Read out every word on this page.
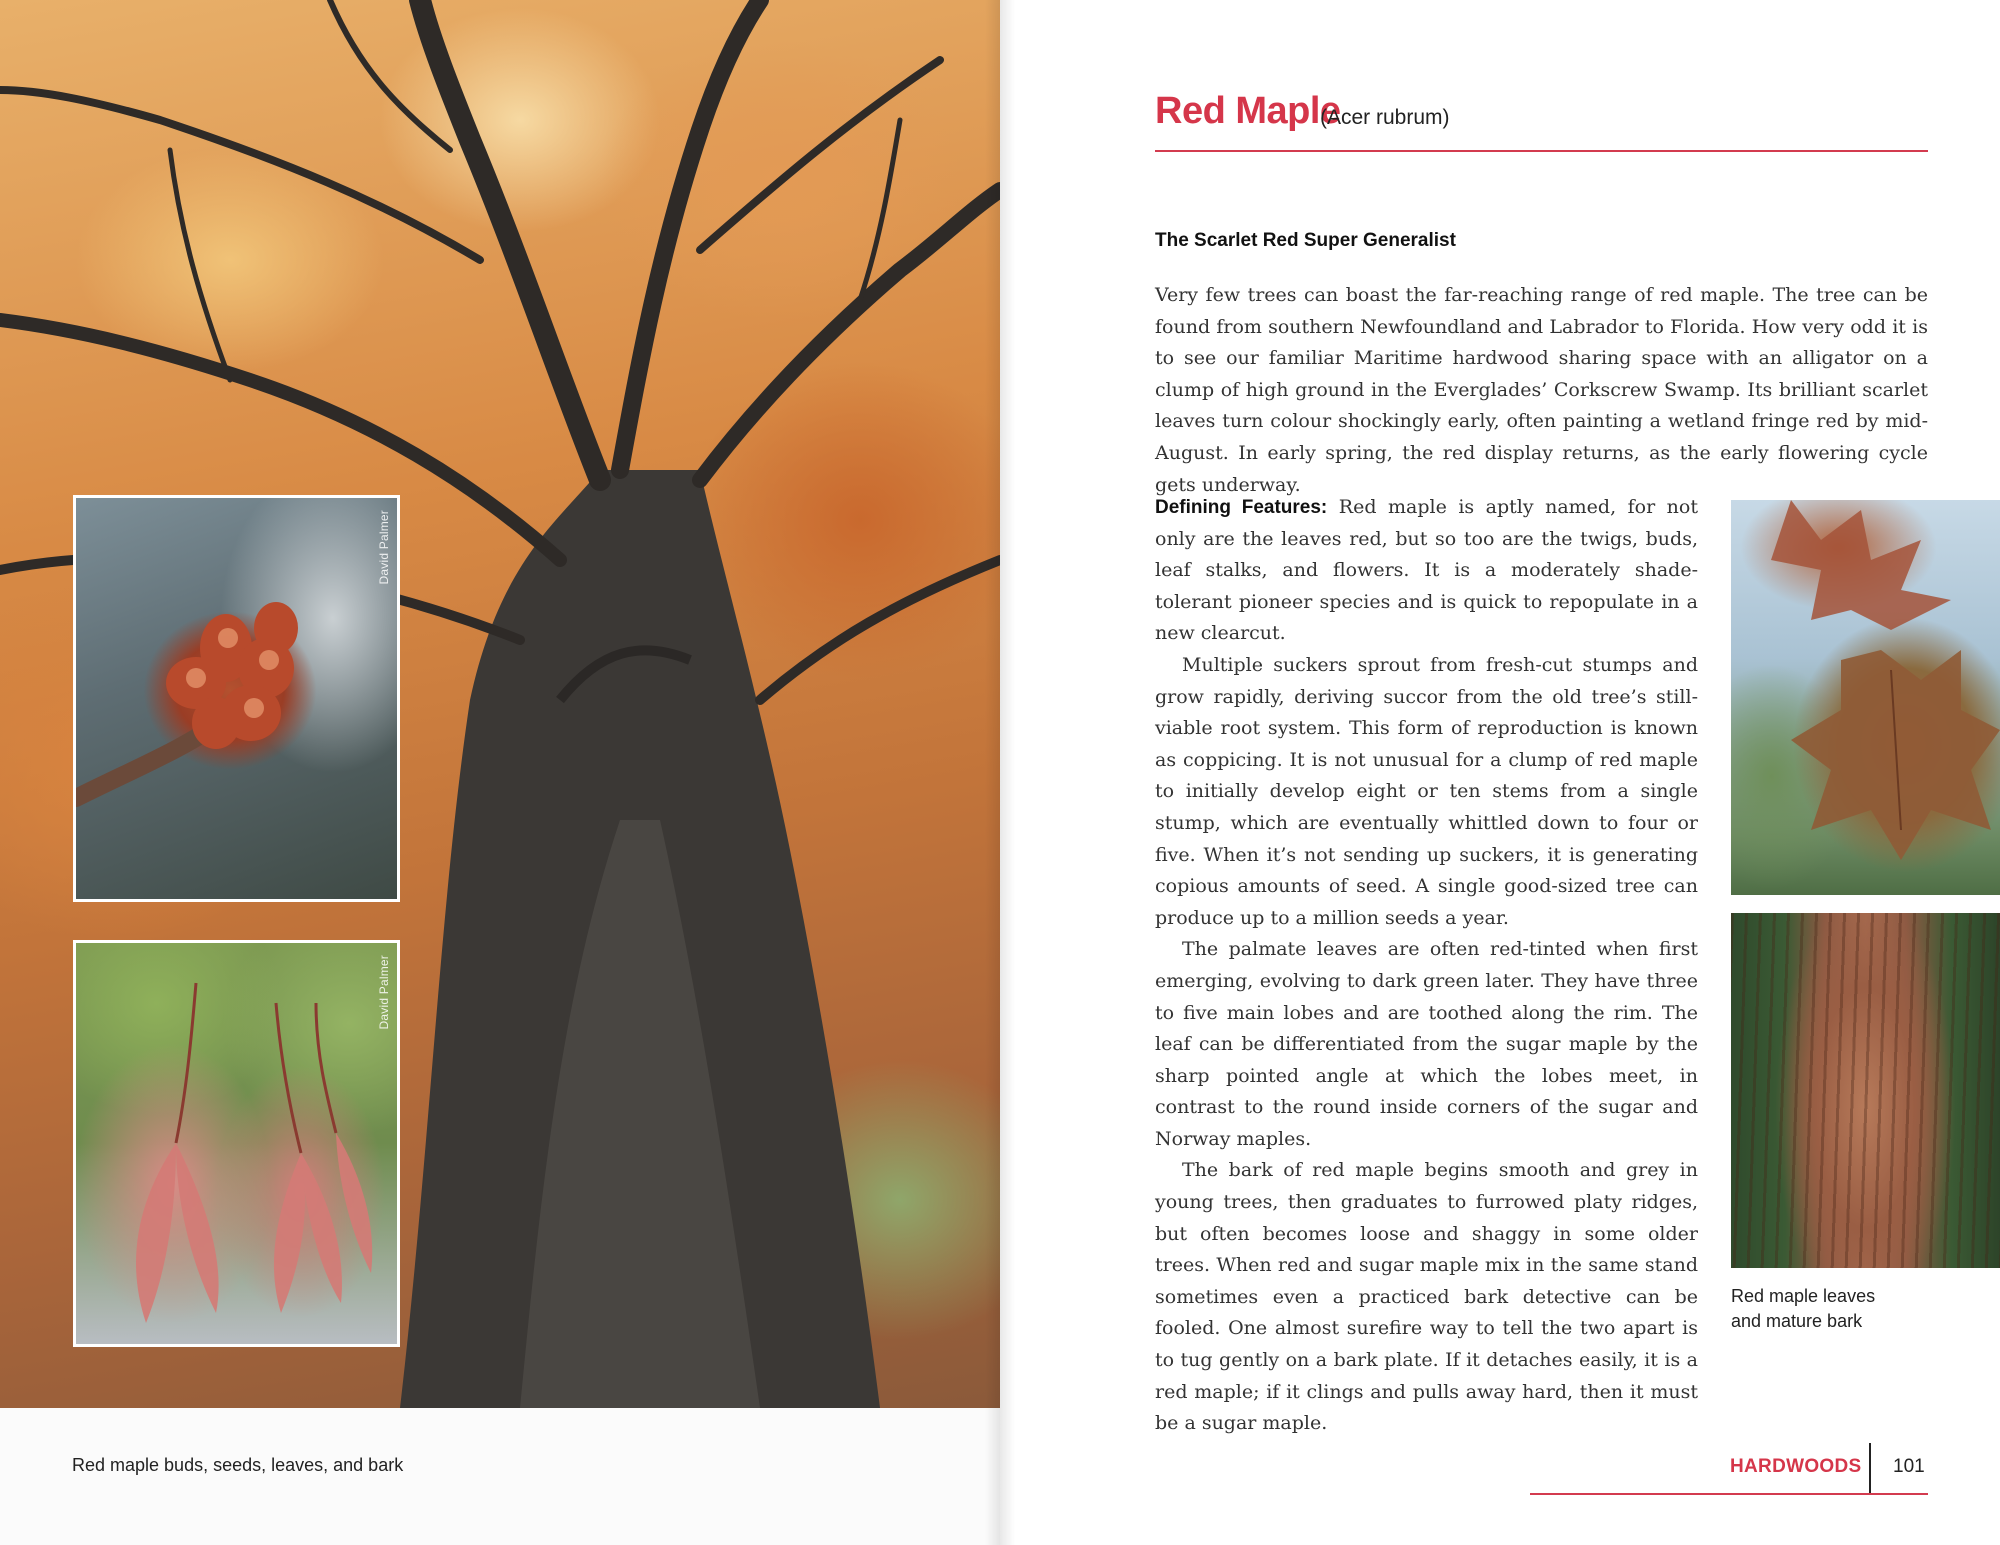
David Palmer
David Palmer
Red maple buds, seeds, leaves, and bark
Red Maple
(Acer rubrum)
The Scarlet Red Super Generalist

Very few trees can boast the far-reaching range of red maple. The tree can be found from southern Newfoundland and Labrador to Florida. How very odd it is to see our familiar Maritime hardwood sharing space with an alligator on a clump of high ground in the Everglades’ Corkscrew Swamp. Its brilliant scarlet leaves turn colour shockingly early, often painting a wetland fringe red by mid-August. In early spring, the red display returns, as the early flowering cycle gets underway.

Defining Features: Red maple is aptly named, for not only are the leaves red, but so too are the twigs, buds, leaf stalks, and flowers. It is a moderately shade-tolerant pioneer species and is quick to repopulate in a new clearcut.

Multiple suckers sprout from fresh-cut stumps and grow rapidly, deriving succor from the old tree’s still-viable root system. This form of reproduction is known as coppicing. It is not unusual for a clump of red maple to initially develop eight or ten stems from a single stump, which are eventually whittled down to four or five. When it’s not sending up suckers, it is generating copious amounts of seed. A single good-sized tree can produce up to a million seeds a year.

The palmate leaves are often red-tinted when first emerging, evolving to dark green later. They have three to five main lobes and are toothed along the rim. The leaf can be differentiated from the sugar maple by the sharp pointed angle at which the lobes meet, in contrast to the round inside corners of the sugar and Norway maples.

The bark of red maple begins smooth and grey in young trees, then graduates to furrowed platy ridges, but often becomes loose and shaggy in some older trees. When red and sugar maple mix in the same stand sometimes even a practiced bark detective can be fooled. One almost surefire way to tell the two apart is to tug gently on a bark plate. If it detaches easily, it is a red maple; if it clings and pulls away hard, then it must be a sugar maple.

Red maple leaves
and mature bark
HARDWOODS 101
